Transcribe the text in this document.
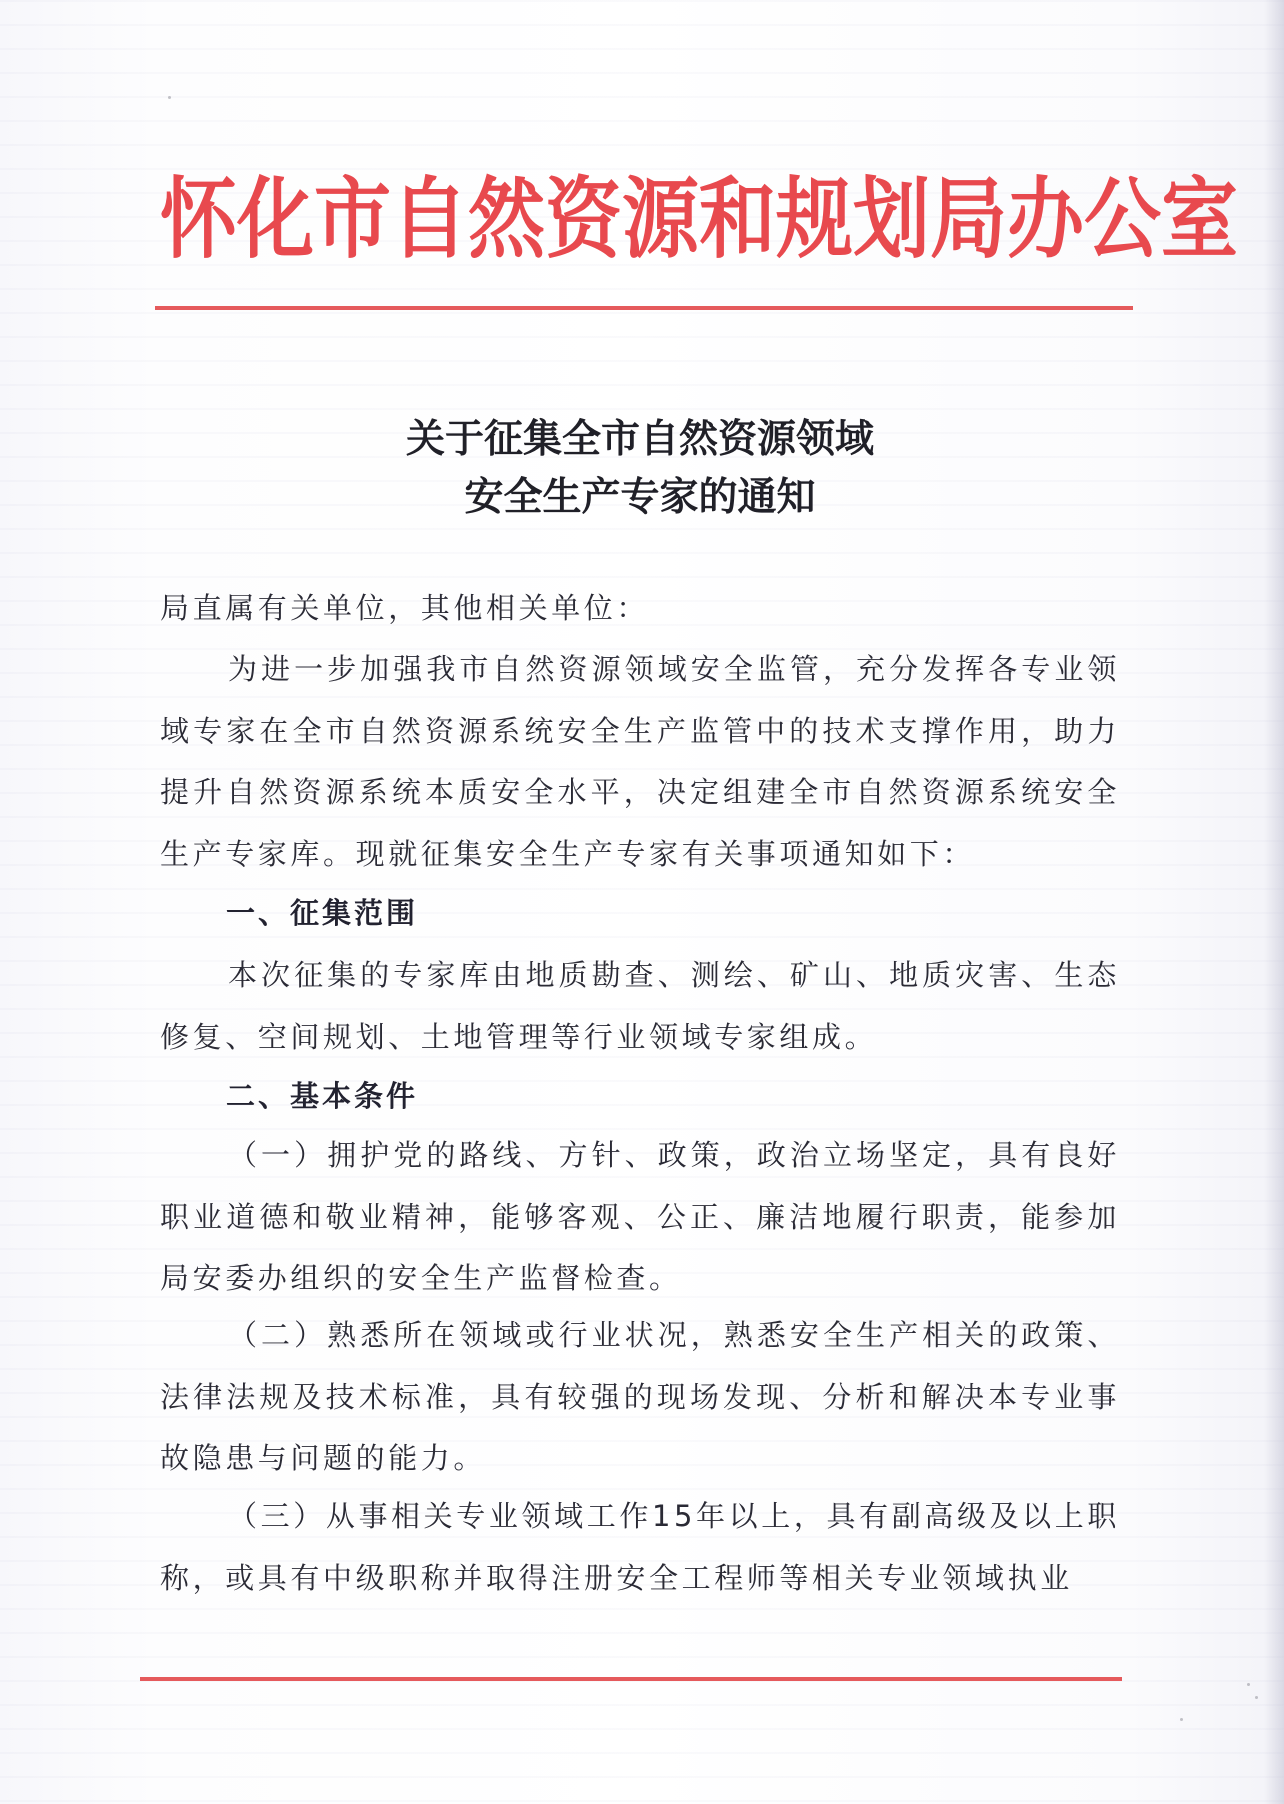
怀化市自然资源和规划局办公室
关于征集全市自然资源领域
安全生产专家的通知

局直属有关单位，其他相关单位：

为进一步加强我市自然资源领域安全监管，充分发挥各专业领域专家在全市自然资源系统安全生产监管中的技术支撑作用，助力提升自然资源系统本质安全水平，决定组建全市自然资源系统安全生产专家库。现就征集安全生产专家有关事项通知如下：

一、征集范围

本次征集的专家库由地质勘查、测绘、矿山、地质灾害、生态修复、空间规划、土地管理等行业领域专家组成。

二、基本条件

（一）拥护党的路线、方针、政策，政治立场坚定，具有良好职业道德和敬业精神，能够客观、公正、廉洁地履行职责，能参加局安委办组织的安全生产监督检查。

（二）熟悉所在领域或行业状况，熟悉安全生产相关的政策、法律法规及技术标准，具有较强的现场发现、分析和解决本专业事故隐患与问题的能力。

（三）从事相关专业领域工作15年以上，具有副高级及以上职称，或具有中级职称并取得注册安全工程师等相关专业领域执业
